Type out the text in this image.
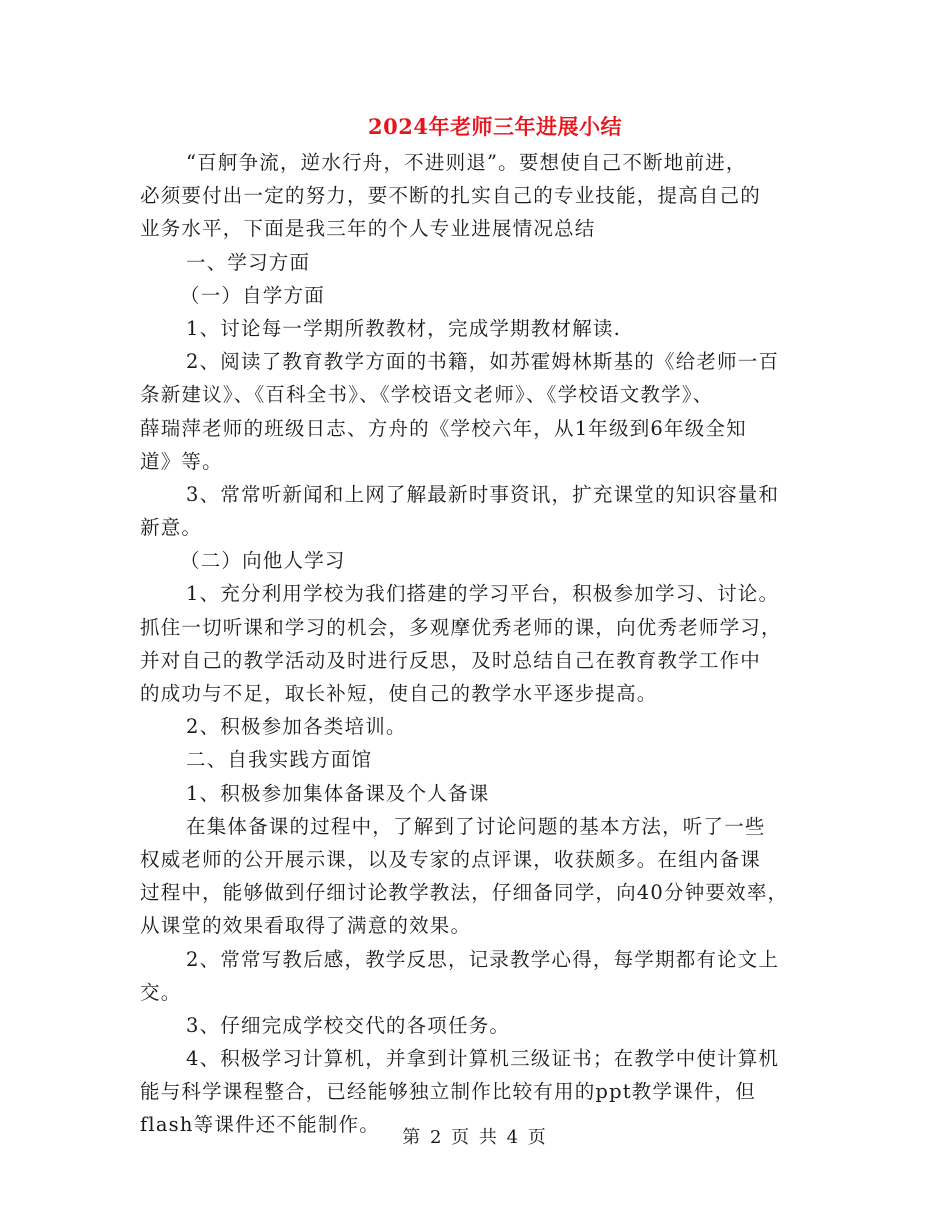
2024年老师三年进展小结
“百舸争流，逆水行舟，不进则退”。要想使自己不断地前进，
必须要付出一定的努力，要不断的扎实自己的专业技能，提高自己的
业务水平，下面是我三年的个人专业进展情况总结
一、学习方面
（一）自学方面
1、讨论每一学期所教教材，完成学期教材解读.
2、阅读了教育教学方面的书籍，如苏霍姆林斯基的《给老师一百
条新建议》、《百科全书》、《学校语文老师》、《学校语文教学》、
薛瑞萍老师的班级日志、方舟的《学校六年，从1年级到6年级全知
道》等。
3、常常听新闻和上网了解最新时事资讯，扩充课堂的知识容量和
新意。
（二）向他人学习
1、充分利用学校为我们搭建的学习平台，积极参加学习、讨论。
抓住一切听课和学习的机会，多观摩优秀老师的课，向优秀老师学习，
并对自己的教学活动及时进行反思，及时总结自己在教育教学工作中
的成功与不足，取长补短，使自己的教学水平逐步提高。
2、积极参加各类培训。
二、自我实践方面馆
1、积极参加集体备课及个人备课
在集体备课的过程中，了解到了讨论问题的基本方法，听了一些
权威老师的公开展示课，以及专家的点评课，收获颇多。在组内备课
过程中，能够做到仔细讨论教学教法，仔细备同学，向40分钟要效率，
从课堂的效果看取得了满意的效果。
2、常常写教后感，教学反思，记录教学心得，每学期都有论文上
交。
3、仔细完成学校交代的各项任务。
4、积极学习计算机，并拿到计算机三级证书；在教学中使计算机
能与科学课程整合，已经能够独立制作比较有用的ppt教学课件，但
flash等课件还不能制作。
第 2 页 共 4 页
